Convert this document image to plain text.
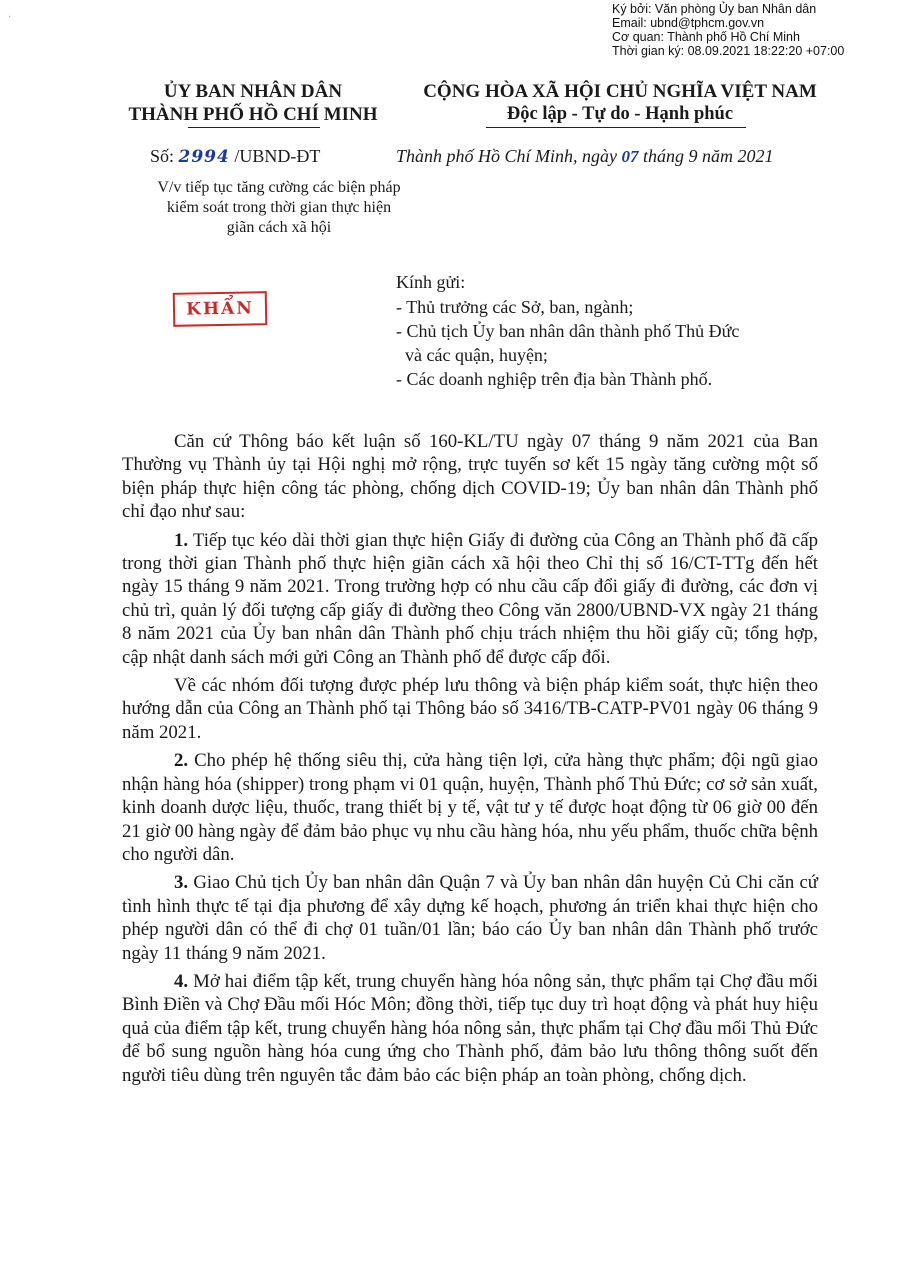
·
Ký bởi: Văn phòng Ủy ban Nhân dân
Email: ubnd@tphcm.gov.vn
Cơ quan: Thành phố Hồ Chí Minh
Thời gian ký: 08.09.2021 18:22:20 +07:00
ỦY BAN NHÂN DÂN
THÀNH PHỐ HỒ CHÍ MINH
CỘNG HÒA XÃ HỘI CHỦ NGHĨA VIỆT NAM
Độc lập - Tự do - Hạnh phúc
Số: 2994 /UBND-ĐT	Thành phố Hồ Chí Minh, ngày 07 tháng 9 năm 2021
V/v tiếp tục tăng cường các biện pháp
kiểm soát trong thời gian thực hiện
giãn cách xã hội
KHẨN
Kính gửi:
- Thủ trưởng các Sở, ban, ngành;
- Chủ tịch Ủy ban nhân dân thành phố Thủ Đức
và các quận, huyện;
- Các doanh nghiệp trên địa bàn Thành phố.

Căn cứ Thông báo kết luận số 160-KL/TU ngày 07 tháng 9 năm 2021 của Ban Thường vụ Thành ủy tại Hội nghị mở rộng, trực tuyến sơ kết 15 ngày tăng cường một số biện pháp thực hiện công tác phòng, chống dịch COVID-19; Ủy ban nhân dân Thành phố chỉ đạo như sau:

1. Tiếp tục kéo dài thời gian thực hiện Giấy đi đường của Công an Thành phố đã cấp trong thời gian Thành phố thực hiện giãn cách xã hội theo Chỉ thị số 16/CT-TTg đến hết ngày 15 tháng 9 năm 2021. Trong trường hợp có nhu cầu cấp đổi giấy đi đường, các đơn vị chủ trì, quản lý đối tượng cấp giấy đi đường theo Công văn 2800/UBND-VX ngày 21 tháng 8 năm 2021 của Ủy ban nhân dân Thành phố chịu trách nhiệm thu hồi giấy cũ; tổng hợp, cập nhật danh sách mới gửi Công an Thành phố để được cấp đổi.

Về các nhóm đối tượng được phép lưu thông và biện pháp kiểm soát, thực hiện theo hướng dẫn của Công an Thành phố tại Thông báo số 3416/TB-CATP-PV01 ngày 06 tháng 9 năm 2021.

2. Cho phép hệ thống siêu thị, cửa hàng tiện lợi, cửa hàng thực phẩm; đội ngũ giao nhận hàng hóa (shipper) trong phạm vi 01 quận, huyện, Thành phố Thủ Đức; cơ sở sản xuất, kinh doanh dược liệu, thuốc, trang thiết bị y tế, vật tư y tế được hoạt động từ 06 giờ 00 đến 21 giờ 00 hàng ngày để đảm bảo phục vụ nhu cầu hàng hóa, nhu yếu phẩm, thuốc chữa bệnh cho người dân.

3. Giao Chủ tịch Ủy ban nhân dân Quận 7 và Ủy ban nhân dân huyện Củ Chi căn cứ tình hình thực tế tại địa phương để xây dựng kế hoạch, phương án triển khai thực hiện cho phép người dân có thể đi chợ 01 tuần/01 lần; báo cáo Ủy ban nhân dân Thành phố trước ngày 11 tháng 9 năm 2021.

4. Mở hai điểm tập kết, trung chuyển hàng hóa nông sản, thực phẩm tại Chợ đầu mối Bình Điền và Chợ Đầu mối Hóc Môn; đồng thời, tiếp tục duy trì hoạt động và phát huy hiệu quả của điểm tập kết, trung chuyển hàng hóa nông sản, thực phẩm tại Chợ đầu mối Thủ Đức để bổ sung nguồn hàng hóa cung ứng cho Thành phố, đảm bảo lưu thông thông suốt đến người tiêu dùng trên nguyên tắc đảm bảo các biện pháp an toàn phòng, chống dịch.
